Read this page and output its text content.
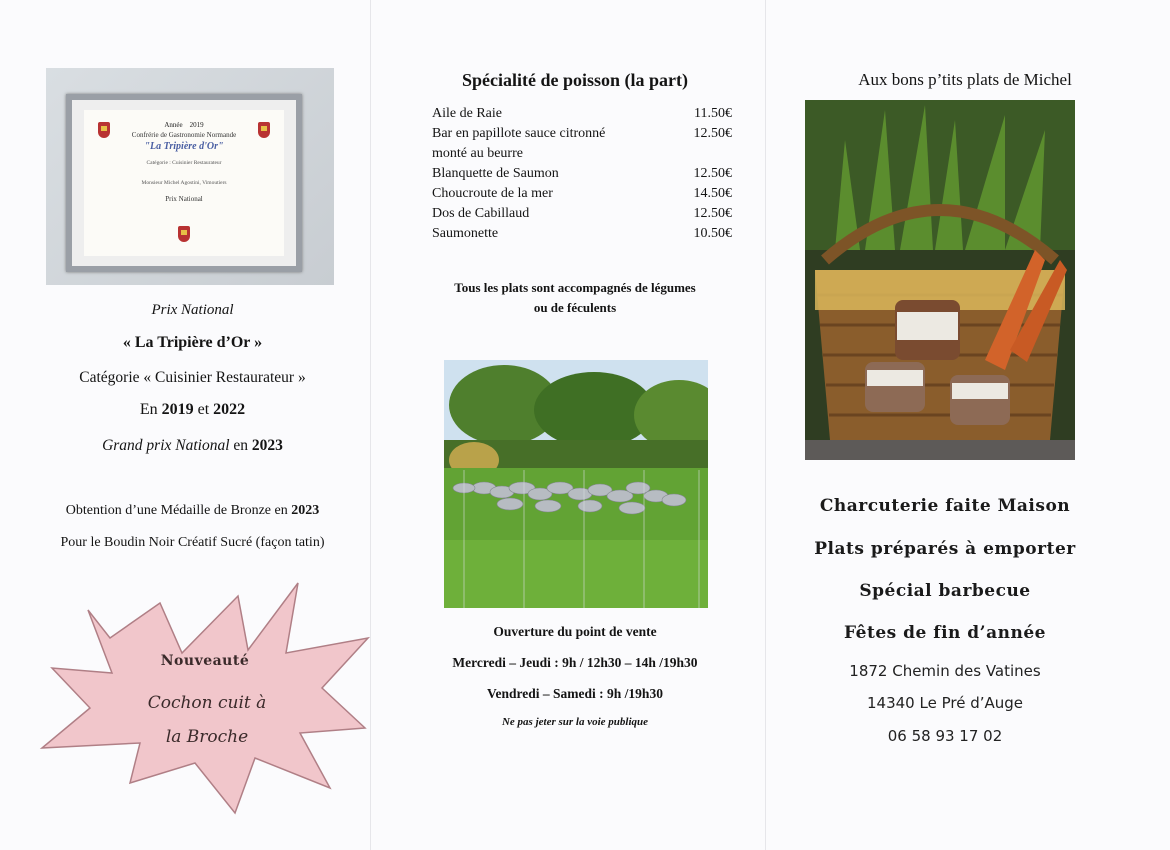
Année 2019
Confrérie de Gastronomie Normande
"La Tripière d'Or"
Catégorie : Cuisinier Restaurateur
Monsieur Michel Agostini, Vimoutiers
Prix National
Prix National
« La Tripière d’Or »
Catégorie « Cuisinier Restaurateur »
En 2019 et 2022
Grand prix National en 2023
Obtention d’une Médaille de Bronze en 2023
Pour le Boudin Noir Créatif Sucré (façon tatin)
Nouveauté
Cochon cuit à
la Broche
Spécialité de poisson (la part)
Aile de Raie	11.50€
Bar en papillote sauce citronné monté au beurre
12.50€
Blanquette de Saumon	12.50€
Choucroute de la mer	14.50€
Dos de Cabillaud	12.50€
Saumonette	10.50€
Tous les plats sont accompagnés de légumes
ou de féculents
Ouverture du point de vente
Mercredi – Jeudi : 9h / 12h30 – 14h /19h30
Vendredi – Samedi : 9h /19h30
Ne pas jeter sur la voie publique
Aux bons p’tits plats de Michel
Charcuterie faite Maison
Plats préparés à emporter
Spécial barbecue
Fêtes de fin d’année
1872 Chemin des Vatines
14340 Le Pré d’Auge
06 58 93 17 02
